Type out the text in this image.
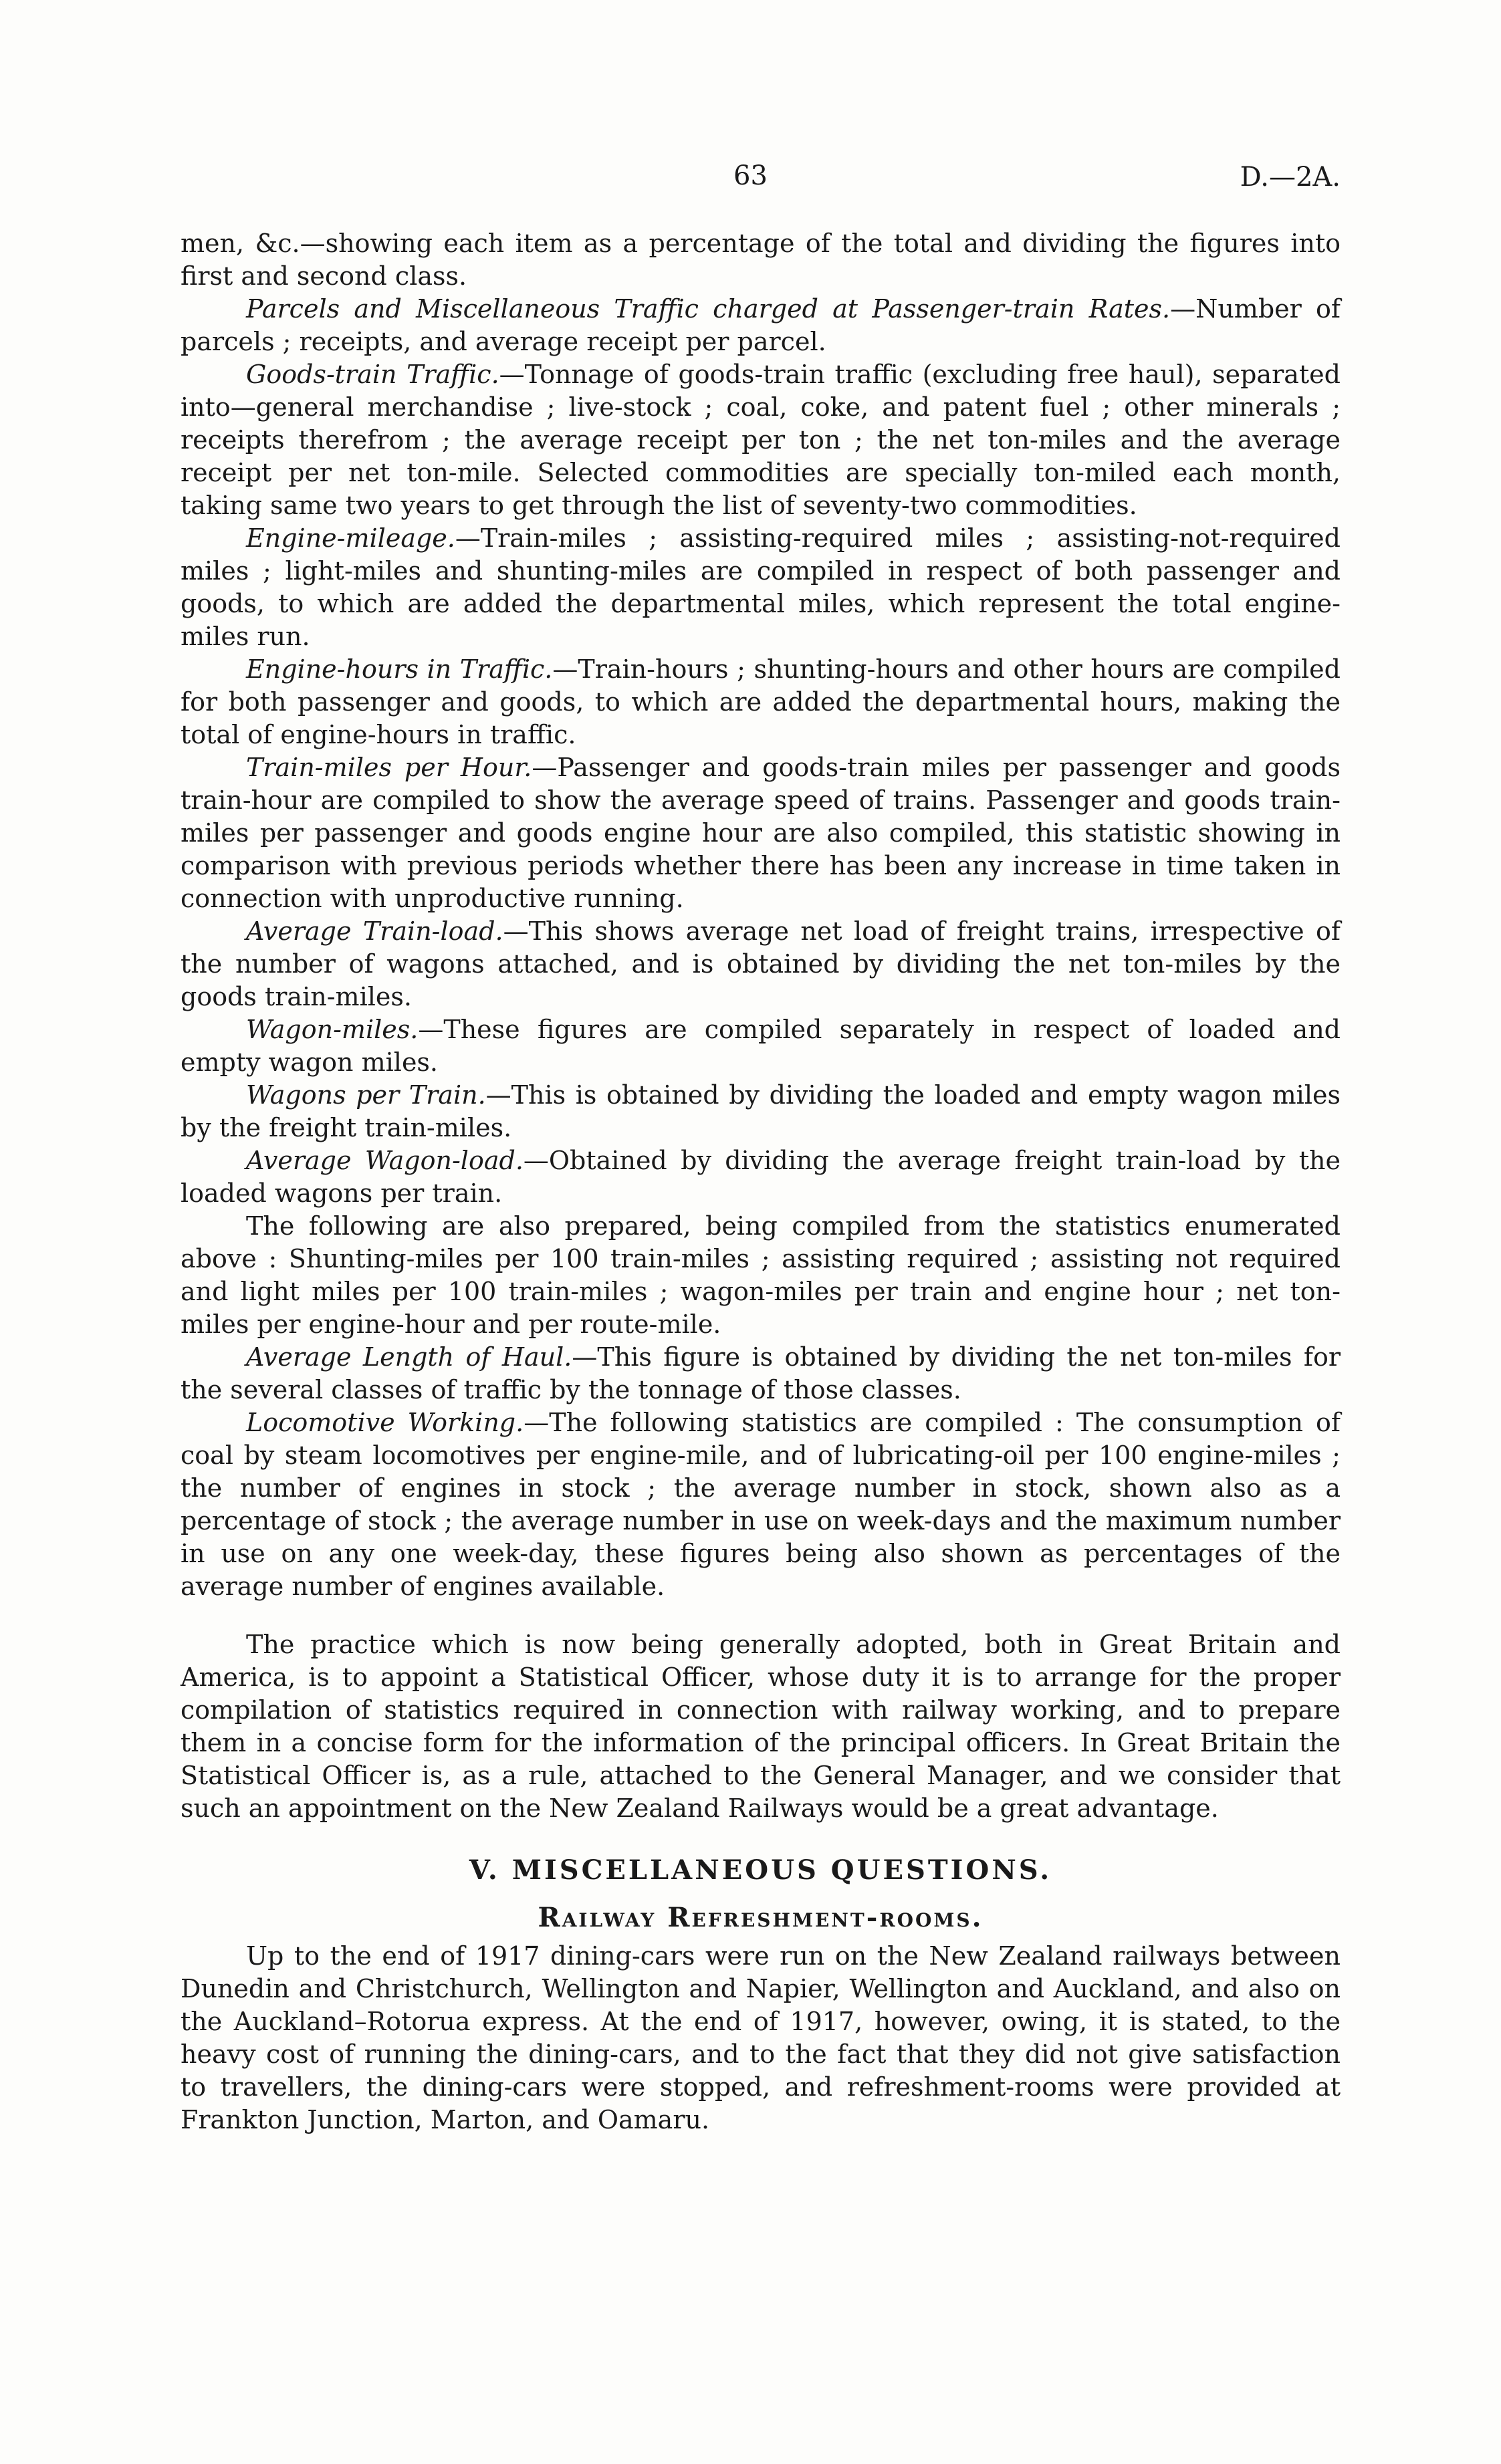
63	D.—2A.

men, &c.—showing each item as a percentage of the total and dividing the figures into first and second class.

Parcels and Miscellaneous Traffic charged at Passenger-train Rates.—Number of parcels ; receipts, and average receipt per parcel.

Goods-train Traffic.—Tonnage of goods-train traffic (excluding free haul), separated into—general merchandise ; live-stock ; coal, coke, and patent fuel ; other minerals ; receipts therefrom ; the average receipt per ton ; the net ton-miles and the average receipt per net ton-mile. Selected commodities are specially ton-miled each month, taking same two years to get through the list of seventy-two commodities.

Engine-mileage.—Train-miles ; assisting-required miles ; assisting-not-required miles ; light-miles and shunting-miles are compiled in respect of both passenger and goods, to which are added the departmental miles, which represent the total engine-miles run.

Engine-hours in Traffic.—Train-hours ; shunting-hours and other hours are compiled for both passenger and goods, to which are added the departmental hours, making the total of engine-hours in traffic.

Train-miles per Hour.—Passenger and goods-train miles per passenger and goods train-hour are compiled to show the average speed of trains. Passenger and goods train-miles per passenger and goods engine hour are also compiled, this statistic showing in comparison with previous periods whether there has been any increase in time taken in connection with unproductive running.

Average Train-load.—This shows average net load of freight trains, irrespective of the number of wagons attached, and is obtained by dividing the net ton-miles by the goods train-miles.

Wagon-miles.—These figures are compiled separately in respect of loaded and empty wagon miles.

Wagons per Train.—This is obtained by dividing the loaded and empty wagon miles by the freight train-miles.

Average Wagon-load.—Obtained by dividing the average freight train-load by the loaded wagons per train.

The following are also prepared, being compiled from the statistics enumerated above : Shunting-miles per 100 train-miles ; assisting required ; assisting not required and light miles per 100 train-miles ; wagon-miles per train and engine hour ; net ton-miles per engine-hour and per route-mile.

Average Length of Haul.—This figure is obtained by dividing the net ton-miles for the several classes of traffic by the tonnage of those classes.

Locomotive Working.—The following statistics are compiled : The consumption of coal by steam locomotives per engine-mile, and of lubricating-oil per 100 engine-miles ; the number of engines in stock ; the average number in stock, shown also as a percentage of stock ; the average number in use on week-days and the maximum number in use on any one week-day, these figures being also shown as percentages of the average number of engines available.

The practice which is now being generally adopted, both in Great Britain and America, is to appoint a Statistical Officer, whose duty it is to arrange for the proper compilation of statistics required in connection with railway working, and to prepare them in a concise form for the information of the principal officers. In Great Britain the Statistical Officer is, as a rule, attached to the General Manager, and we consider that such an appointment on the New Zealand Railways would be a great advantage.

V. MISCELLANEOUS QUESTIONS.
Railway Refreshment-rooms.

Up to the end of 1917 dining-cars were run on the New Zealand railways between Dunedin and Christchurch, Wellington and Napier, Wellington and Auckland, and also on the Auckland–Rotorua express. At the end of 1917, however, owing, it is stated, to the heavy cost of running the dining-cars, and to the fact that they did not give satisfaction to travellers, the dining-cars were stopped, and refreshment-rooms were provided at Frankton Junction, Marton, and Oamaru.
